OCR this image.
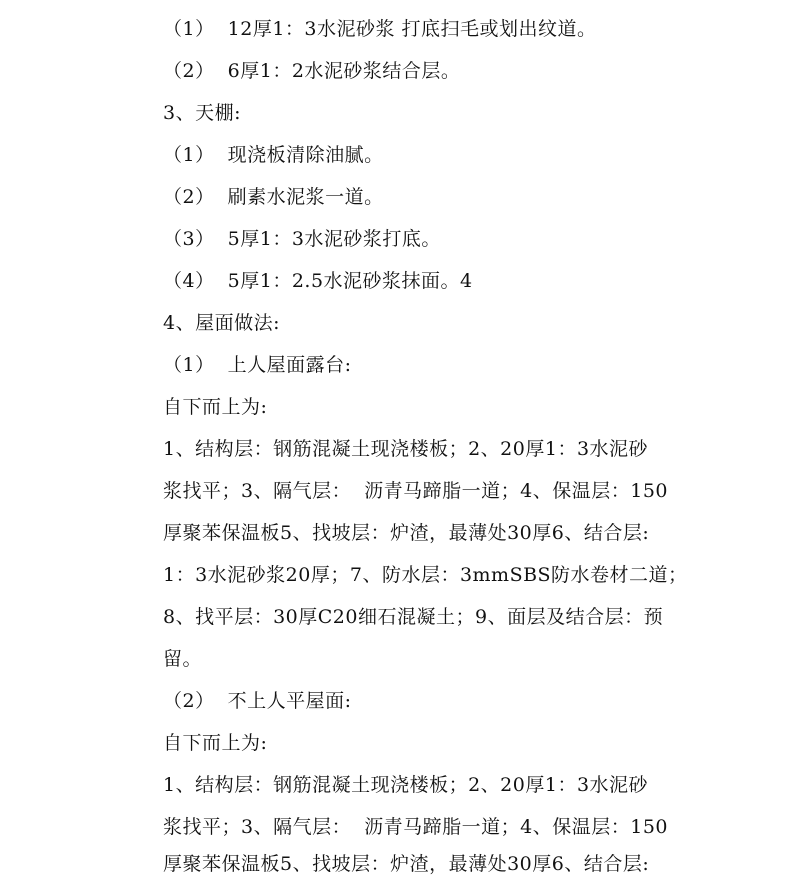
（1）  12厚1：3水泥砂浆 打底扫毛或划出纹道。
（2）  6厚1：2水泥砂浆结合层。
3、天棚:
（1）  现浇板清除油腻。
（2）  刷素水泥浆一道。
（3）  5厚1：3水泥砂浆打底。
（4）  5厚1：2.5水泥砂浆抹面。4
4、屋面做法:
（1）  上人屋面露台:
自下而上为:
1、结构层：钢筋混凝土现浇楼板；2、20厚1：3水泥砂
浆找平；3、隔气层：  沥青马蹄脂一道；4、保温层：150
厚聚苯保温板5、找坡层：炉渣，最薄处30厚6、结合层:
1：3水泥砂浆20厚；7、防水层：3mmSBS防水卷材二道；
8、找平层：30厚C20细石混凝土；9、面层及结合层：预
留。
（2）  不上人平屋面:
自下而上为:
1、结构层：钢筋混凝土现浇楼板；2、20厚1：3水泥砂
浆找平；3、隔气层：  沥青马蹄脂一道；4、保温层：150
厚聚苯保温板5、找坡层：炉渣，最薄处30厚6、结合层:
